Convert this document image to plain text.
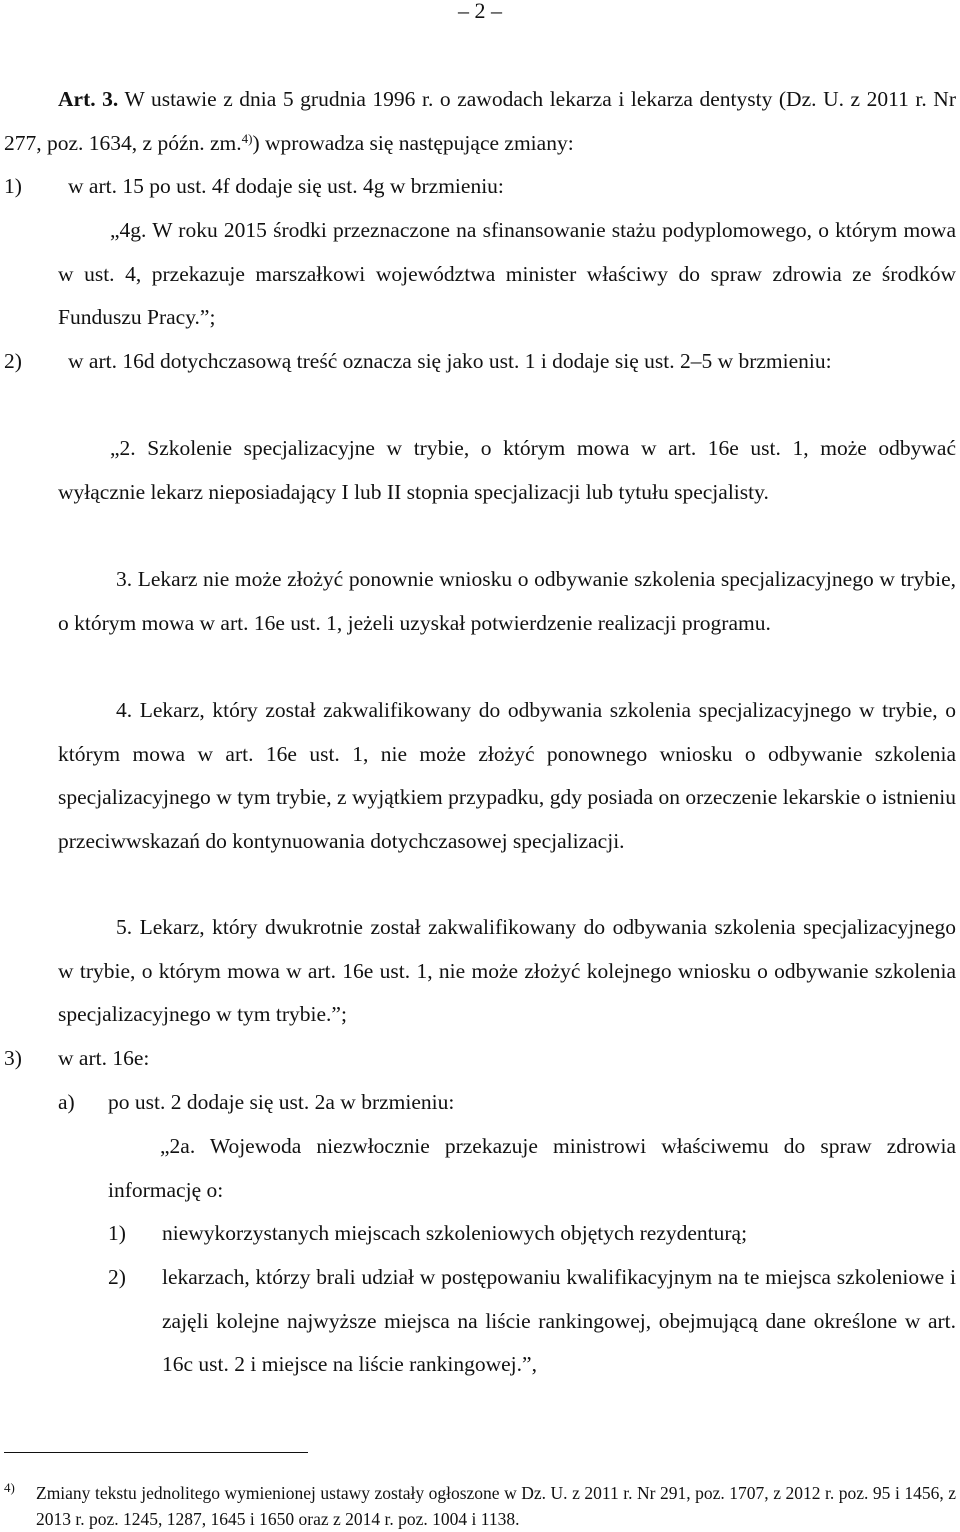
– 2 –

Art. 3. W ustawie z dnia 5 grudnia 1996 r. o zawodach lekarza i lekarza dentysty (Dz. U. z 2011 r. Nr 277, poz. 1634, z późn. zm.$^{4)}$) wprowadza się następujące zmiany:

1) w art. 15 po ust. 4f dodaje się ust. 4g w brzmieniu:

„4g. W roku 2015 środki przeznaczone na sfinansowanie stażu podyplomowego, o którym mowa w ust. 4, przekazuje marszałkowi województwa minister właściwy do spraw zdrowia ze środków Funduszu Pracy.”;

2)	w art. 16d dotychczasową treść oznacza się jako ust. 1 i dodaje się ust. 2–5 w brzmieniu:

„2. Szkolenie specjalizacyjne w trybie, o którym mowa w art. 16e ust. 1, może odbywać wyłącznie lekarz nieposiadający I lub II stopnia specjalizacji lub tytułu specjalisty.

3. Lekarz nie może złożyć ponownie wniosku o odbywanie szkolenia specjalizacyjnego w trybie, o którym mowa w art. 16e ust. 1, jeżeli uzyskał potwierdzenie realizacji programu.

4. Lekarz, który został zakwalifikowany do odbywania szkolenia specjalizacyjnego w trybie, o którym mowa w art. 16e ust. 1, nie może złożyć ponownego wniosku o odbywanie szkolenia specjalizacyjnego w tym trybie, z wyjątkiem przypadku, gdy posiada on orzeczenie lekarskie o istnieniu przeciwwskazań do kontynuowania dotychczasowej specjalizacji.

5. Lekarz, który dwukrotnie został zakwalifikowany do odbywania szkolenia specjalizacyjnego w trybie, o którym mowa w art. 16e ust. 1, nie może złożyć kolejnego wniosku o odbywanie szkolenia specjalizacyjnego w tym trybie.”;

3) w art. 16e:

a) po ust. 2 dodaje się ust. 2a w brzmieniu:

„2a. Wojewoda niezwłocznie przekazuje ministrowi właściwemu do spraw zdrowia informację o:

1) niewykorzystanych miejscach szkoleniowych objętych rezydenturą;

2) lekarzach, którzy brali udział w postępowaniu kwalifikacyjnym na te miejsca szkoleniowe i zajęli kolejne najwyższe miejsca na liście rankingowej, obejmującą dane określone w art. 16c ust. 2 i miejsce na liście rankingowej.”,

4) Zmiany tekstu jednolitego wymienionej ustawy zostały ogłoszone w Dz. U. z 2011 r. Nr 291, poz. 1707, z 2012 r. poz. 95 i 1456, z 2013 r. poz. 1245, 1287, 1645 i 1650 oraz z 2014 r. poz. 1004 i 1138.
